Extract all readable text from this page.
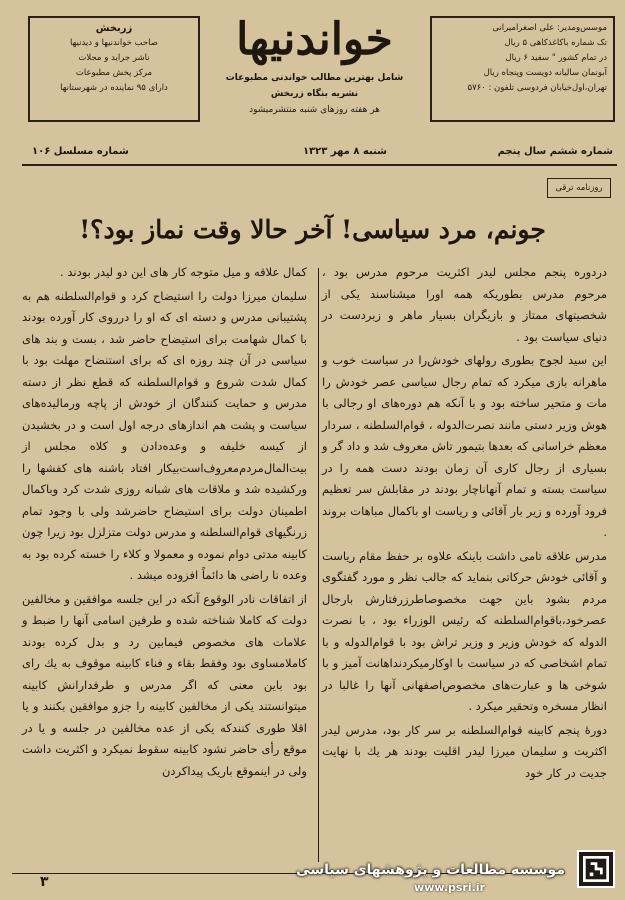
موسس‌ومدیر: علی اصغرامیرانی
تک شماره باکاغذکاهی ۵ ریال
در تمام کشور " سفید ۶ ریال
آبونمان سالیانه دویست وپنجاه ریال
تهران،اول‌خیابان فردوسی تلفون : ۵۷۶۰
خواندنیها
شامل بهترین مطالب خواندنی مطبوعات
نشریه بنگاه زربخش
هر هفته روزهای شنبه منتشرمیشود
زربخش
صاحب خواندنیها و دیدنیها
ناشر جراید و مجلات
مرکز پخش مطبوعات
دارای ۹۵ نماینده در شهرستانها
شماره ششم سال پنجم
شنبه ۸ مهر ۱۳۲۳
شماره مسلسل ۱۰۶
روزنامه ترقی
جونم، مرد سیاسی! آخر حالا وقت نماز بود؟!

دردوره پنجم مجلس لیدر اکثریت مرحوم مدرس بود ، مرحوم مدرس بطوریکه همه اورا میشناسند یکی از شخصیتهای ممتاز و بازیگران بسیار ماهر و زبردست در دنیای سیاست بود .

این سید لجوج بطوری رولهای خودش‌را در سیاست خوب و ماهرانه بازی میکرد که تمام رجال سیاسی عصر خودش را مات و متحیر ساخته بود و با آنکه هم دوره‌های او رجالی با هوش وزیر دستی مانند نصرت‌الدوله ، قوام‌السلطنه ، سردار معظم خراسانی که بعدها بتیمور تاش معروف شد و داد گر و بسیاری از رجال کاری آن زمان بودند دست همه را در سیاست بسته و تمام آنهاناچار بودند در مقابلش سر تعظیم فرود آورده و زیر بار آقائی و ریاست او باکمال مباهات بروند .

مدرس علاقه تامی داشت باینکه علاوه بر حفظ مقام ریاست و آقائی خودش حرکاتی بنماید که جالب نظر و مورد گفتگوی مردم بشود باین جهت مخصوصاطرزرفتارش بارجال عصرخود،باقوام‌السلطنه که رئیس الوزراء بود ، با نصرت الدوله که خودش وزیر و وزیر تراش بود با قوام‌الدوله و با تمام اشخاصی که در سیاست با اوکارمیکردندا‌هانت آمیز و با شوخی ها و عبارت‌های مخصوص‌اصفهانی آنها را غالبا در انظار مسخره وتحقیر میکرد .

دورهٔ پنجم کابینه قوام‌السلطنه بر سر کار بود، مدرس لیدر اکثریت و سلیمان میرزا لیدر اقلیت بودند هر یك با نهایت جدیت در کار خود

کمال علاقه و میل متوجه کار های این دو لیدر بودند .

سلیمان میرزا دولت را استیضاح کرد و قوام‌السلطنه هم به پشتیبانی مدرس و دسته ای که او را درروی کار آورده بودند با کمال شهامت برای استیضاح حاضر شد ، بست و بند های سیاسی در آن چند روزه ای که برای استنضاح مهلت بود با کمال شدت شروع و قوام‌السلطنه که قطع نظر از دسته مدرس و حمایت کنندگان از خودش از پاچه ورمالیده‌های سیاست و پشت هم اندازهای درجه اول است و در بخشیدن از کیسه خلیفه و وعده‌دادن و کلاه مجلس از بیت‌المال‌مردم‌معروف‌است‌بیکار افتاد باشنه های کفشها را ورکشیده شد و ملاقات های شبانه روزی شدت کرد وباکمال اطمینان دولت برای استیضاح حاضرشد ولی با وجود تمام زرنگیهای قوام‌السلطنه و مدرس دولت متزلزل بود زیرا چون کابینه مدتی دوام نموده و معمولا و کلاء را خسته کرده بود به وعده نا راضی ها دائماً افزوده میشد .

از اتفاقات نادر الوقوع آنکه در این جلسه موافقین و مخالفین دولت که کاملا شناخته شده و طرفین اسامی آنها را ضبط و علامات های مخصوص فیمابین رد و بدل کرده بودند کاملامساوی بود وفقط بقاء و فناء کابینه موقوف به یك رای بود باین معنی که اگر مدرس و طرفدارانش کابینه میتوانستند یکی از مخالفین کابینه را جزو موافقین بکنند و یا اقلا طوری کنندکه یکی از عده مخالفین در جلسه و یا در موقع رأی حاضر نشود کابینه سقوط نمیکرد و اکثریت داشت ولی در اینموقع باریک پیداکردن

۳
موسسه مطالعات و پژوهشهای سیاسی
www.psri.ir
